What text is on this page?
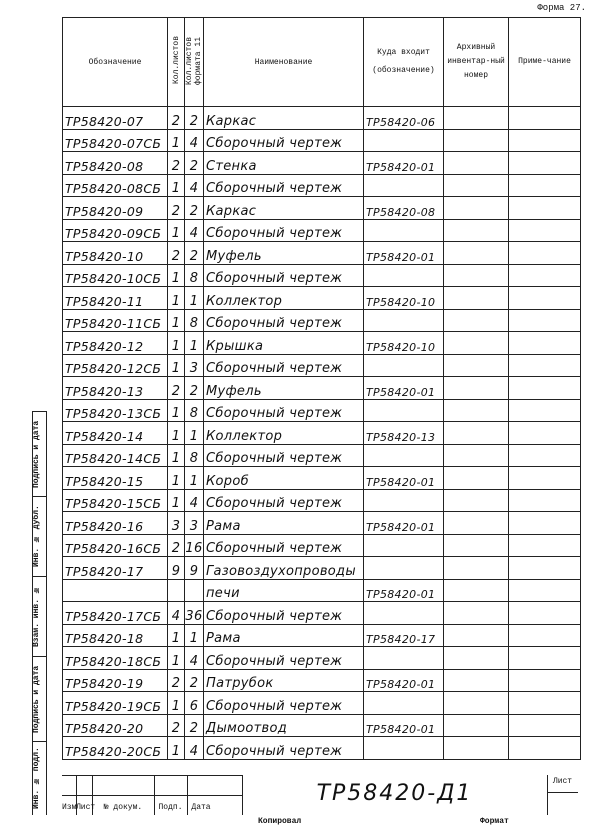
Форма 27.
Обозначение	Кол.листов	Кол.листов формата 11	Наименование	Куда входит (обозначение)	Архивный инвентар-ный номер	Приме-чание
TP58420-07	2	2	Каркас	TP58420-06		
TP58420-07CБ	1	4	Сборочный чертеж			
TP58420-08	2	2	Стенка	TP58420-01		
TP58420-08CБ	1	4	Сборочный чертеж			
TP58420-09	2	2	Каркас	TP58420-08		
TP58420-09CБ	1	4	Сборочный чертеж			
TP58420-10	2	2	Муфель	TP58420-01		
TP58420-10CБ	1	8	Сборочный чертеж			
TP58420-11	1	1	Коллектор	TP58420-10		
TP58420-11CБ	1	8	Сборочный чертеж			
TP58420-12	1	1	Крышка	TP58420-10		
TP58420-12CБ	1	3	Сборочный чертеж			
TP58420-13	2	2	Муфель	TP58420-01		
TP58420-13CБ	1	8	Сборочный чертеж			
TP58420-14	1	1	Коллектор	TP58420-13		
TP58420-14CБ	1	8	Сборочный чертеж			
TP58420-15	1	1	Короб	TP58420-01		
TP58420-15CБ	1	4	Сборочный чертеж			
TP58420-16	3	3	Рама	TP58420-01		
TP58420-16CБ	2	16	Сборочный чертеж			
TP58420-17	9	9	Газовоздухопроводы			
			печи	TP58420-01		
TP58420-17CБ	4	36	Сборочный чертеж			
TP58420-18	1	1	Рама	TP58420-17		
TP58420-18CБ	1	4	Сборочный чертеж			
TP58420-19	2	2	Патрубок	TP58420-01		
TP58420-19CБ	1	6	Сборочный чертеж			
TP58420-20	2	2	Дымоотвод	TP58420-01		
TP58420-20CБ	1	4	Сборочный чертеж			
Подпись и дата
Инв. № дубл.
Взам. инв. №
Подпись и дата
Инв. № подл.	Изм Лист	№ докум.	Подп.	Дата
TP58420-Д1	Лист
Копировал	Формат
